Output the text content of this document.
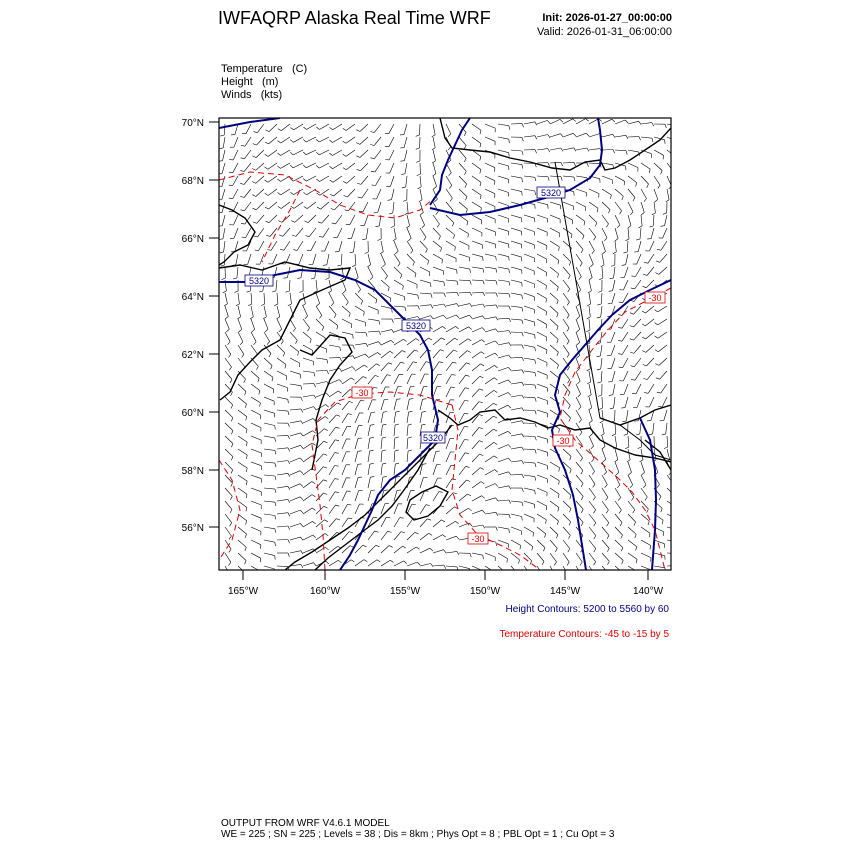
IWFAQRP Alaska Real Time WRF	Init: 2026-01-27_00:00:00
Valid: 2026-01-31_06:00:00
Temperature (C)
Height (m)
Winds (kts)
5320
5320
5320
5320
-30
-30
-30
-30
70°N
68°N
66°N
64°N
62°N
60°N
58°N
56°N
165°W	160°W	155°W	150°W	145°W	140°W
Height Contours: 5200 to 5560 by 60
Temperature Contours: -45 to -15 by 5
OUTPUT FROM WRF V4.6.1 MODEL
WE = 225 ; SN = 225 ; Levels = 38 ; Dis = 8km ; Phys Opt = 8 ; PBL Opt = 1 ; Cu Opt = 3
